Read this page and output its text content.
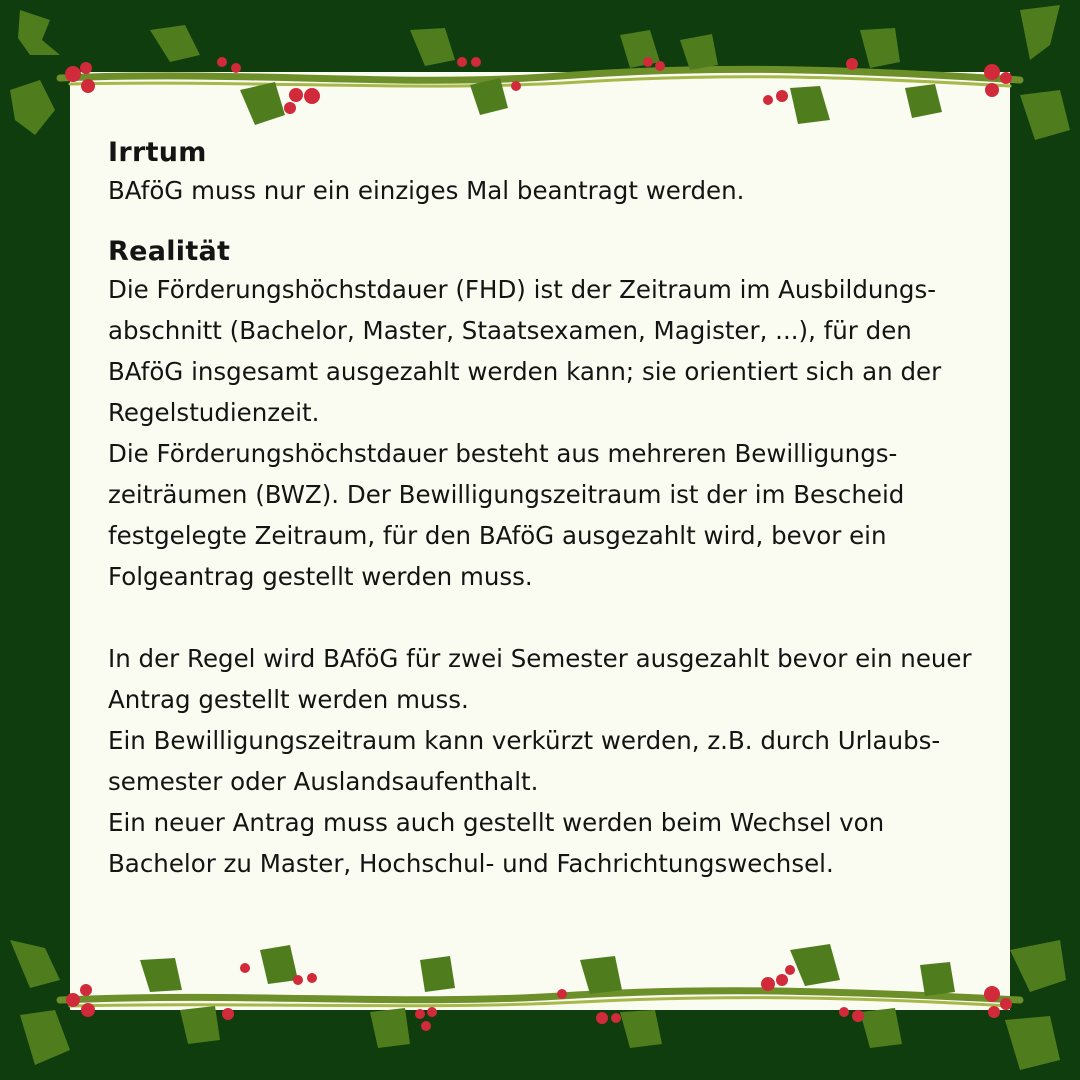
Irrtum

BAföG muss nur ein einziges Mal beantragt werden.

Realität

Die Förderungshöchstdauer (FHD) ist der Zeitraum im Ausbildungs-abschnitt (Bachelor, Master, Staatsexamen, Magister, ...), für den BAföG insgesamt ausgezahlt werden kann; sie orientiert sich an der Regelstudienzeit.

Die Förderungshöchstdauer besteht aus mehreren Bewilligungs-zeiträumen (BWZ). Der Bewilligungszeitraum ist der im Bescheid festgelegte Zeitraum, für den BAföG ausgezahlt wird, bevor ein Folgeantrag gestellt werden muss.

In der Regel wird BAföG für zwei Semester ausgezahlt bevor ein neuer Antrag gestellt werden muss.

Ein Bewilligungszeitraum kann verkürzt werden, z.B. durch Urlaubs-semester oder Auslandsaufenthalt.

Ein neuer Antrag muss auch gestellt werden beim Wechsel von Bachelor zu Master, Hochschul- und Fachrichtungswechsel.
